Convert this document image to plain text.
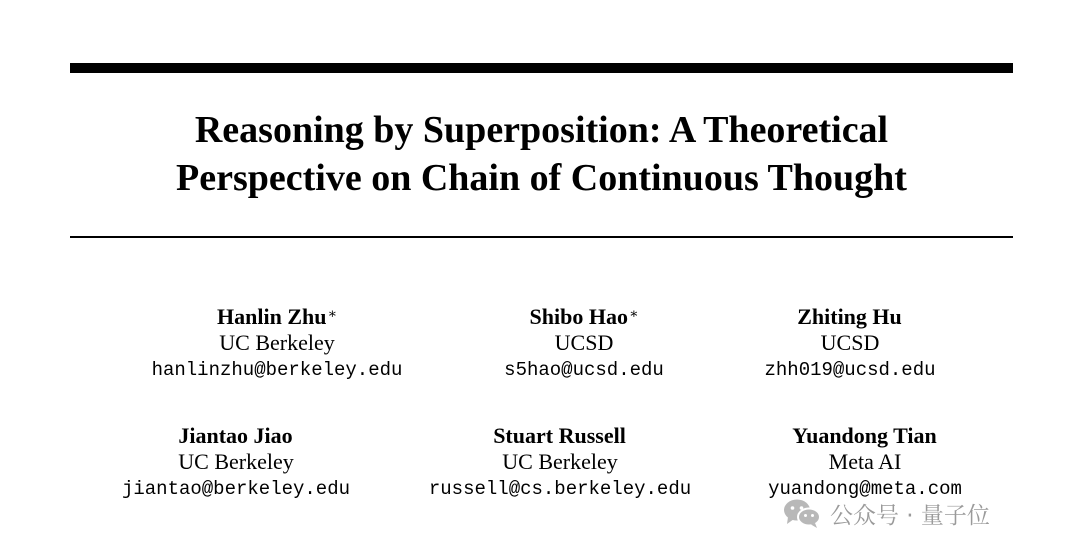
Reasoning by Superposition: A Theoretical
Perspective on Chain of Continuous Thought
Hanlin Zhu∗
UC Berkeley
hanlinzhu@berkeley.edu
Shibo Hao∗
UCSD
s5hao@ucsd.edu
Zhiting Hu
UCSD
zhh019@ucsd.edu
Jiantao Jiao
UC Berkeley
jiantao@berkeley.edu
Stuart Russell
UC Berkeley
russell@cs.berkeley.edu
Yuandong Tian
Meta AI
yuandong@meta.com
公众号 · 量子位
